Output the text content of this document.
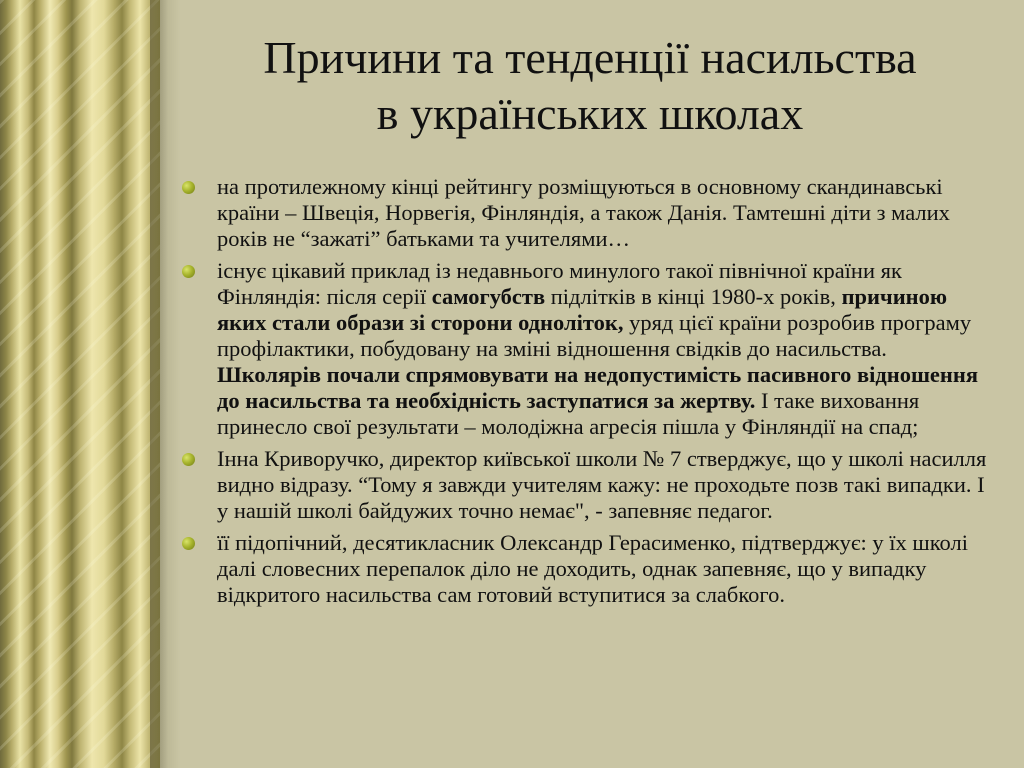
Причини та тенденції насильства
в українських школах
на протилежному кінці рейтингу розміщуються в основному скандинавські країни – Швеція, Норвегія, Фінляндія, а також Данія. Тамтешні діти з малих років не “зажаті” батьками та учителями…
існує цікавий приклад із недавнього минулого такої північної країни як Фінляндія: після серії самогубств підлітків в кінці 1980-х років, причиною яких стали образи зі сторони одноліток, уряд цієї країни розробив програму профілактики, побудовану на зміні відношення свідків до насильства. Школярів почали спрямовувати на недопустимість пасивного відношення до насильства та необхідність заступатися за жертву. І таке виховання принесло свої результати – молодіжна агресія пішла у Фінляндії на спад;
Інна Криворучко, директор київської школи № 7 стверджує, що у школі насилля видно відразу. “Тому я завжди учителям кажу: не проходьте позв такі випадки. І у нашій школі байдужих точно немає", - запевняє педагог.
її підопічний, десятикласник Олександр Герасименко, підтверджує: у їх школі далі словесних перепалок діло не доходить, однак запевняє, що у випадку відкритого насильства сам готовий вступитися за слабкого.
